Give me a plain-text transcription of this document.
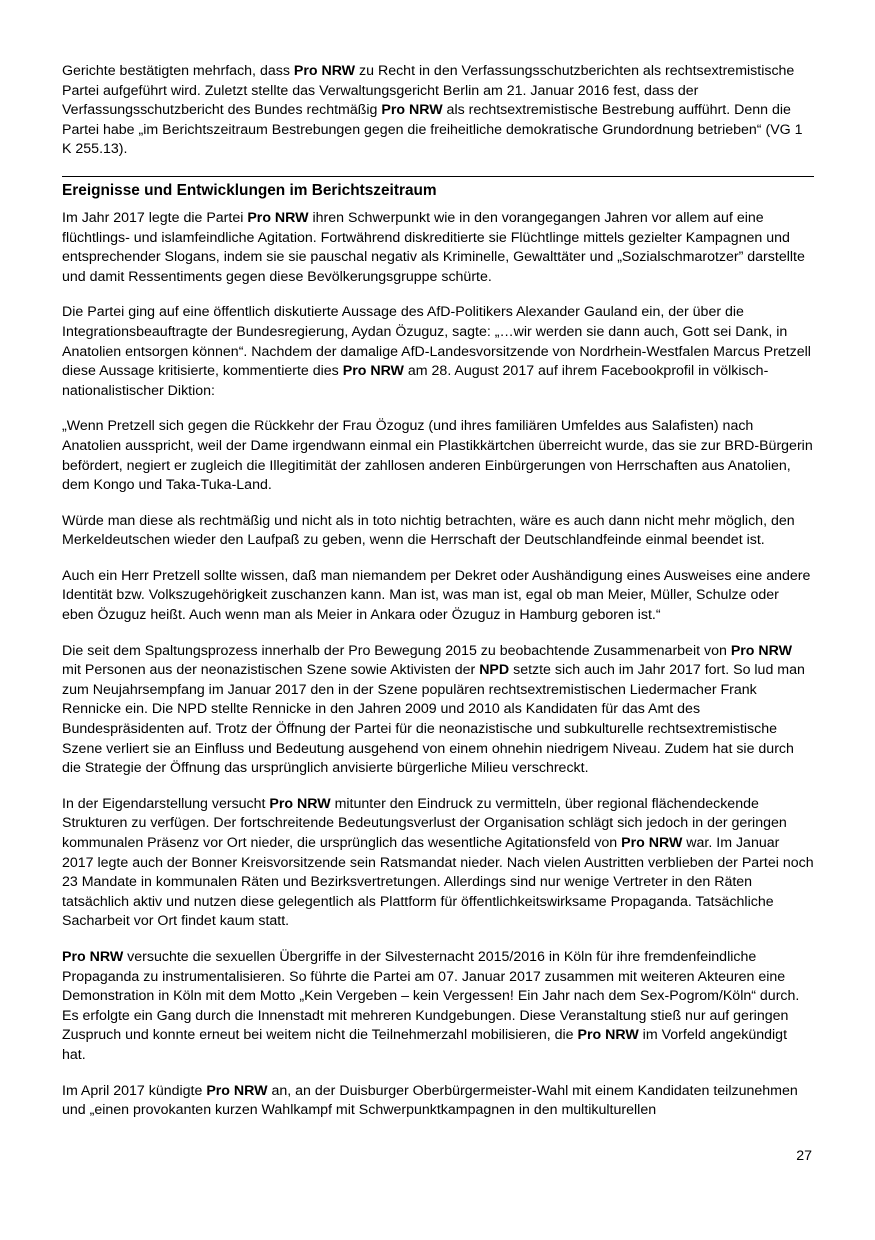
Gerichte bestätigten mehrfach, dass Pro NRW zu Recht in den Verfassungsschutzberichten als rechtsextremistische Partei aufgeführt wird. Zuletzt stellte das Verwaltungsgericht Berlin am 21. Januar 2016 fest, dass der Verfassungsschutzbericht des Bundes rechtmäßig Pro NRW als rechtsextremistische Bestrebung aufführt. Denn die Partei habe „im Berichtszeitraum Bestrebungen gegen die freiheitliche demokratische Grundordnung betrieben“ (VG 1 K 255.13).

Ereignisse und Entwicklungen im Berichtszeitraum

Im Jahr 2017 legte die Partei Pro NRW ihren Schwerpunkt wie in den vorangegangen Jahren vor allem auf eine flüchtlings- und islamfeindliche Agitation. Fortwährend diskreditierte sie Flüchtlinge mittels gezielter Kampagnen und entsprechender Slogans, indem sie sie pauschal negativ als Kriminelle, Gewalttäter und „Sozialschmarotzer” darstellte und damit Ressentiments gegen diese Bevölkerungsgruppe schürte.

Die Partei ging auf eine öffentlich diskutierte Aussage des AfD-Politikers Alexander Gauland ein, der über die Integrationsbeauftragte der Bundesregierung, Aydan Özuguz, sagte: „…wir werden sie dann auch, Gott sei Dank, in Anatolien entsorgen können“. Nachdem der damalige AfD-Landesvorsitzende von Nordrhein-Westfalen Marcus Pretzell diese Aussage kritisierte, kommentierte dies Pro NRW am 28. August 2017 auf ihrem Facebookprofil in völkisch-nationalistischer Diktion:

„Wenn Pretzell sich gegen die Rückkehr der Frau Özoguz (und ihres familiären Umfeldes aus Salafisten) nach Anatolien ausspricht, weil der Dame irgendwann einmal ein Plastikkärtchen überreicht wurde, das sie zur BRD-Bürgerin befördert, negiert er zugleich die Illegitimität der zahllosen anderen Einbürgerungen von Herrschaften aus Anatolien, dem Kongo und Taka-Tuka-Land.

Würde man diese als rechtmäßig und nicht als in toto nichtig betrachten, wäre es auch dann nicht mehr möglich, den Merkeldeutschen wieder den Laufpaß zu geben, wenn die Herrschaft der Deutschlandfeinde einmal beendet ist.

Auch ein Herr Pretzell sollte wissen, daß man niemandem per Dekret oder Aushändigung eines Ausweises eine andere Identität bzw. Volkszugehörigkeit zuschanzen kann. Man ist, was man ist, egal ob man Meier, Müller, Schulze oder eben Özuguz heißt. Auch wenn man als Meier in Ankara oder Özuguz in Hamburg geboren ist.“

Die seit dem Spaltungsprozess innerhalb der Pro Bewegung 2015 zu beobachtende Zusammenarbeit von Pro NRW mit Personen aus der neonazistischen Szene sowie Aktivisten der NPD setzte sich auch im Jahr 2017 fort. So lud man zum Neujahrsempfang im Januar 2017 den in der Szene populären rechtsextremistischen Liedermacher Frank Rennicke ein. Die NPD stellte Rennicke in den Jahren 2009 und 2010 als Kandidaten für das Amt des Bundespräsidenten auf. Trotz der Öffnung der Partei für die neonazistische und subkulturelle rechtsextremistische Szene verliert sie an Einfluss und Bedeutung ausgehend von einem ohnehin niedrigem Niveau. Zudem hat sie durch die Strategie der Öffnung das ursprünglich anvisierte bürgerliche Milieu verschreckt.

In der Eigendarstellung versucht Pro NRW mitunter den Eindruck zu vermitteln, über regional flächendeckende Strukturen zu verfügen. Der fortschreitende Bedeutungsverlust der Organisation schlägt sich jedoch in der geringen kommunalen Präsenz vor Ort nieder, die ursprünglich das wesentliche Agitationsfeld von Pro NRW war. Im Januar 2017 legte auch der Bonner Kreisvorsitzende sein Ratsmandat nieder. Nach vielen Austritten verblieben der Partei noch 23 Mandate in kommunalen Räten und Bezirksvertretungen. Allerdings sind nur wenige Vertreter in den Räten tatsächlich aktiv und nutzen diese gelegentlich als Plattform für öffentlichkeitswirksame Propaganda. Tatsächliche Sacharbeit vor Ort findet kaum statt.

Pro NRW versuchte die sexuellen Übergriffe in der Silvesternacht 2015/2016 in Köln für ihre fremdenfeindliche Propaganda zu instrumentalisieren. So führte die Partei am 07. Januar 2017 zusammen mit weiteren Akteuren eine Demonstration in Köln mit dem Motto „Kein Vergeben – kein Vergessen! Ein Jahr nach dem Sex-Pogrom/Köln“ durch. Es erfolgte ein Gang durch die Innenstadt mit mehreren Kundgebungen. Diese Veranstaltung stieß nur auf geringen Zuspruch und konnte erneut bei weitem nicht die Teilnehmerzahl mobilisieren, die Pro NRW im Vorfeld angekündigt hat.

Im April 2017 kündigte Pro NRW an, an der Duisburger Oberbürgermeister-Wahl mit einem Kandidaten teilzunehmen und „einen provokanten kurzen Wahlkampf mit Schwerpunktkampagnen in den multikulturellen

27
